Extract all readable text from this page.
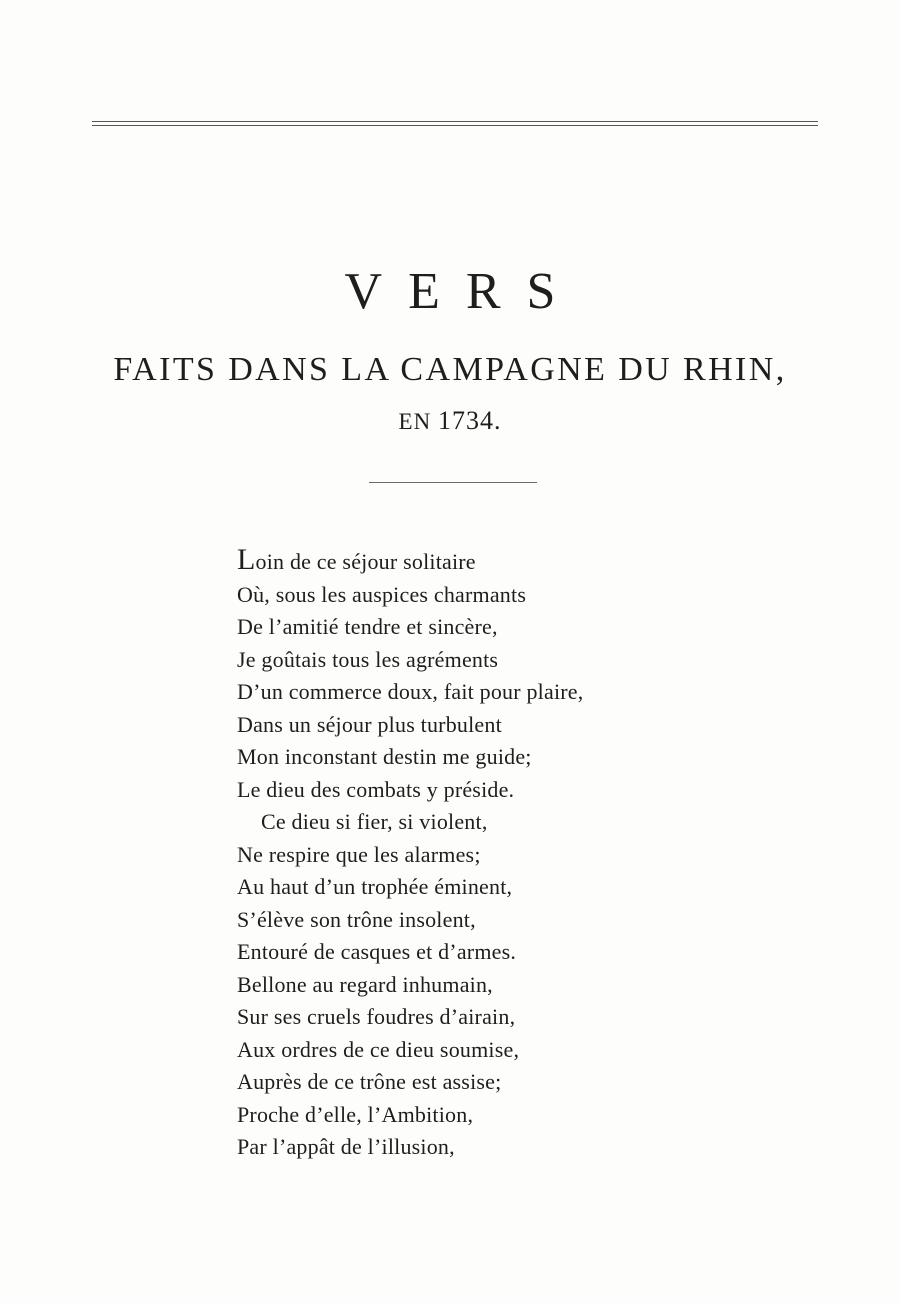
VERS
FAITS DANS LA CAMPAGNE DU RHIN,
EN 1734.
Loin de ce séjour solitaire
Où, sous les auspices charmants
De l’amitié tendre et sincère,
Je goûtais tous les agréments
D’un commerce doux, fait pour plaire,
Dans un séjour plus turbulent
Mon inconstant destin me guide;
Le dieu des combats y préside.
Ce dieu si fier, si violent,
Ne respire que les alarmes;
Au haut d’un trophée éminent,
S’élève son trône insolent,
Entouré de casques et d’armes.
Bellone au regard inhumain,
Sur ses cruels foudres d’airain,
Aux ordres de ce dieu soumise,
Auprès de ce trône est assise;
Proche d’elle, l’Ambition,
Par l’appât de l’illusion,
